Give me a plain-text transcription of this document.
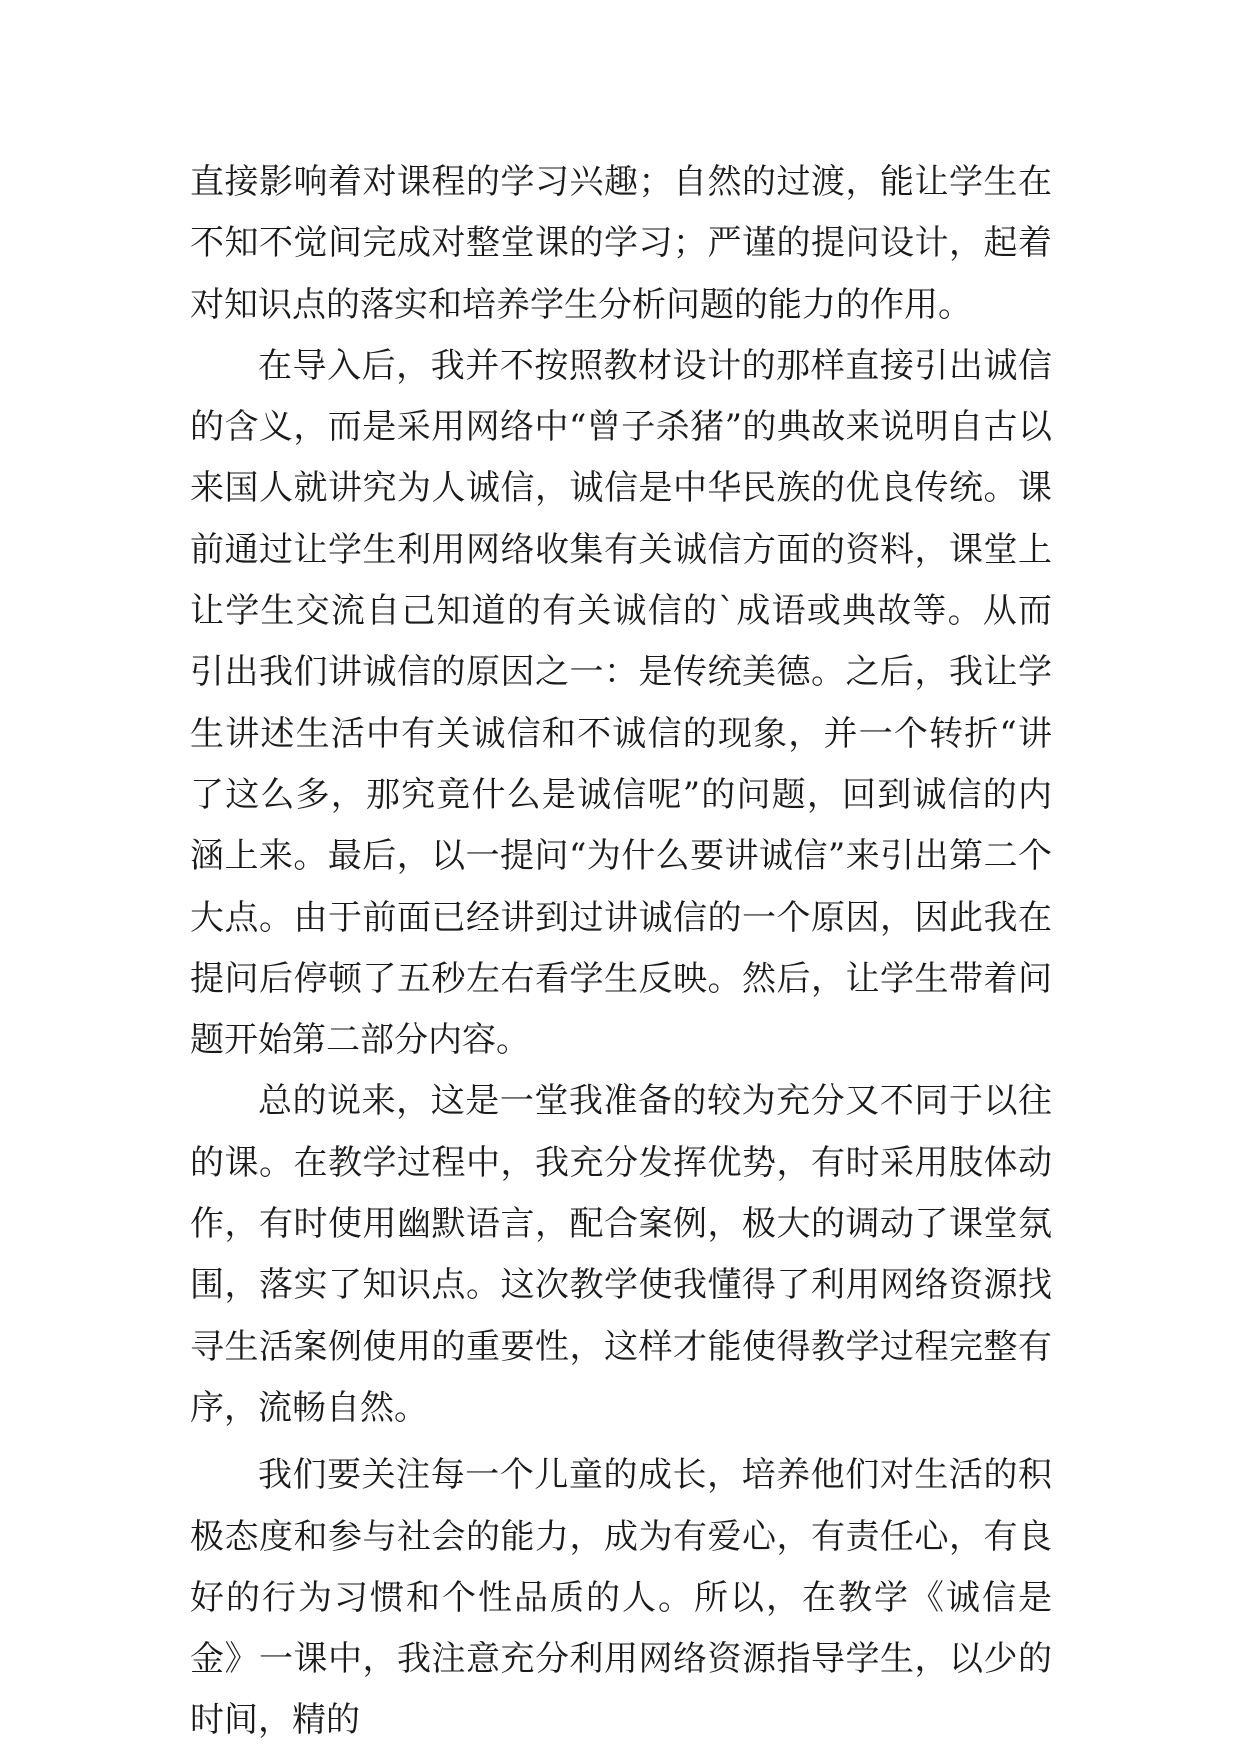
直接影响着对课程的学习兴趣；自然的过渡，能让学生在不知不觉间完成对整堂课的学习；严谨的提问设计，起着对知识点的落实和培养学生分析问题的能力的作用。

在导入后，我并不按照教材设计的那样直接引出诚信的含义，而是采用网络中“曾子杀猪”的典故来说明自古以来国人就讲究为人诚信，诚信是中华民族的优良传统。课前通过让学生利用网络收集有关诚信方面的资料，课堂上让学生交流自己知道的有关诚信的`成语或典故等。从而引出我们讲诚信的原因之一：是传统美德。之后，我让学生讲述生活中有关诚信和不诚信的现象，并一个转折“讲了这么多，那究竟什么是诚信呢”的问题，回到诚信的内涵上来。最后，以一提问“为什么要讲诚信”来引出第二个大点。由于前面已经讲到过讲诚信的一个原因，因此我在提问后停顿了五秒左右看学生反映。然后，让学生带着问题开始第二部分内容。

总的说来，这是一堂我准备的较为充分又不同于以往的课。在教学过程中，我充分发挥优势，有时采用肢体动作，有时使用幽默语言，配合案例，极大的调动了课堂氛围，落实了知识点。这次教学使我懂得了利用网络资源找寻生活案例使用的重要性，这样才能使得教学过程完整有序，流畅自然。

我们要关注每一个儿童的成长，培养他们对生活的积极态度和参与社会的能力，成为有爱心，有责任心，有良好的行为习惯和个性品质的人。所以，在教学《诚信是金》一课中，我注意充分利用网络资源指导学生，以少的时间，精的
